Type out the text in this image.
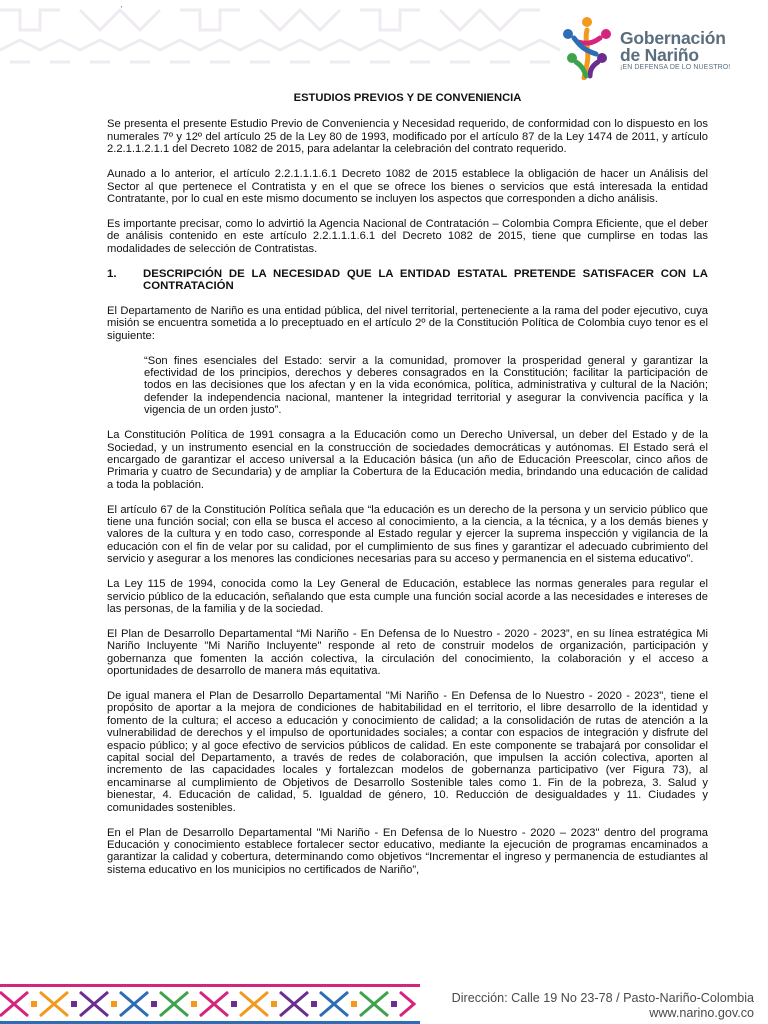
'
Gobernación
de Nariño
¡EN DEFENSA DE LO NUESTRO!
ESTUDIOS PREVIOS Y DE CONVENIENCIA

Se presenta el presente Estudio Previo de Conveniencia y Necesidad requerido, de conformidad con lo dispuesto en los numerales 7º y 12º del artículo 25 de la Ley 80 de 1993, modificado por el artículo 87 de la Ley 1474 de 2011, y artículo 2.2.1.1.2.1.1 del Decreto 1082 de 2015, para adelantar la celebración del contrato requerido.

Aunado a lo anterior, el artículo 2.2.1.1.1.6.1 Decreto 1082 de 2015 establece la obligación de hacer un Análisis del Sector al que pertenece el Contratista y en el que se ofrece los bienes o servicios que está interesada la entidad Contratante, por lo cual en este mismo documento se incluyen los aspectos que corresponden a dicho análisis.

Es importante precisar, como lo advirtió la Agencia Nacional de Contratación – Colombia Compra Eficiente, que el deber de análisis contenido en este artículo 2.2.1.1.1.6.1 del Decreto 1082 de 2015, tiene que cumplirse en todas las modalidades de selección de Contratistas.

1.	DESCRIPCIÓN DE LA NECESIDAD QUE LA ENTIDAD ESTATAL PRETENDE SATISFACER CON LA CONTRATACIÓN

El Departamento de Nariño es una entidad pública, del nivel territorial, perteneciente a la rama del poder ejecutivo, cuya misión se encuentra sometida a lo preceptuado en el artículo 2º de la Constitución Política de Colombia cuyo tenor es el siguiente:

“Son fines esenciales del Estado: servir a la comunidad, promover la prosperidad general y garantizar la efectividad de los principios, derechos y deberes consagrados en la Constitución; facilitar la participación de todos en las decisiones que los afectan y en la vida económica, política, administrativa y cultural de la Nación; defender la independencia nacional, mantener la integridad territorial y asegurar la convivencia pacífica y la vigencia de un orden justo”.

La Constitución Política de 1991 consagra a la Educación como un Derecho Universal, un deber del Estado y de la Sociedad, y un instrumento esencial en la construcción de sociedades democráticas y autónomas. El Estado será el encargado de garantizar el acceso universal a la Educación básica (un año de Educación Preescolar, cinco años de Primaria y cuatro de Secundaria) y de ampliar la Cobertura de la Educación media, brindando una educación de calidad a toda la población.

El artículo 67 de la Constitución Política señala que “la educación es un derecho de la persona y un servicio público que tiene una función social; con ella se busca el acceso al conocimiento, a la ciencia, a la técnica, y a los demás bienes y valores de la cultura y en todo caso, corresponde al Estado regular y ejercer la suprema inspección y vigilancia de la educación con el fin de velar por su calidad, por el cumplimiento de sus fines y garantizar el adecuado cubrimiento del servicio y asegurar a los menores las condiciones necesarias para su acceso y permanencia en el sistema educativo”.

La Ley 115 de 1994, conocida como la Ley General de Educación, establece las normas generales para regular el servicio público de la educación, señalando que esta cumple una función social acorde a las necesidades e intereses de las personas, de la familia y de la sociedad.

El Plan de Desarrollo Departamental “Mi Nariño - En Defensa de lo Nuestro - 2020 - 2023”, en su línea estratégica Mi Nariño Incluyente "Mi Nariño Incluyente" responde al reto de construir modelos de organización, participación y gobernanza que fomenten la acción colectiva, la circulación del conocimiento, la colaboración y el acceso a oportunidades de desarrollo de manera más equitativa.

De igual manera el Plan de Desarrollo Departamental "Mi Nariño - En Defensa de lo Nuestro - 2020 - 2023", tiene el propósito de aportar a la mejora de condiciones de habitabilidad en el territorio, el libre desarrollo de la identidad y fomento de la cultura; el acceso a educación y conocimiento de calidad; a la consolidación de rutas de atención a la vulnerabilidad de derechos y el impulso de oportunidades sociales; a contar con espacios de integración y disfrute del espacio público; y al goce efectivo de servicios públicos de calidad. En este componente se trabajará por consolidar el capital social del Departamento, a través de redes de colaboración, que impulsen la acción colectiva, aporten al incremento de las capacidades locales y fortalezcan modelos de gobernanza participativo (ver Figura 73), al encaminarse al cumplimiento de Objetivos de Desarrollo Sostenible tales como 1. Fin de la pobreza, 3. Salud y bienestar, 4. Educación de calidad, 5. Igualdad de género, 10. Reducción de desigualdades y 11. Ciudades y comunidades sostenibles.

En el Plan de Desarrollo Departamental "Mi Nariño - En Defensa de lo Nuestro - 2020 – 2023" dentro del programa Educación y conocimiento establece fortalecer sector educativo, mediante la ejecución de programas encaminados a garantizar la calidad y cobertura, determinando como objetivos “Incrementar el ingreso y permanencia de estudiantes al sistema educativo en los municipios no certificados de Nariño”,

Dirección: Calle 19 No 23-78 / Pasto-Nariño-Colombia
www.narino.gov.co
